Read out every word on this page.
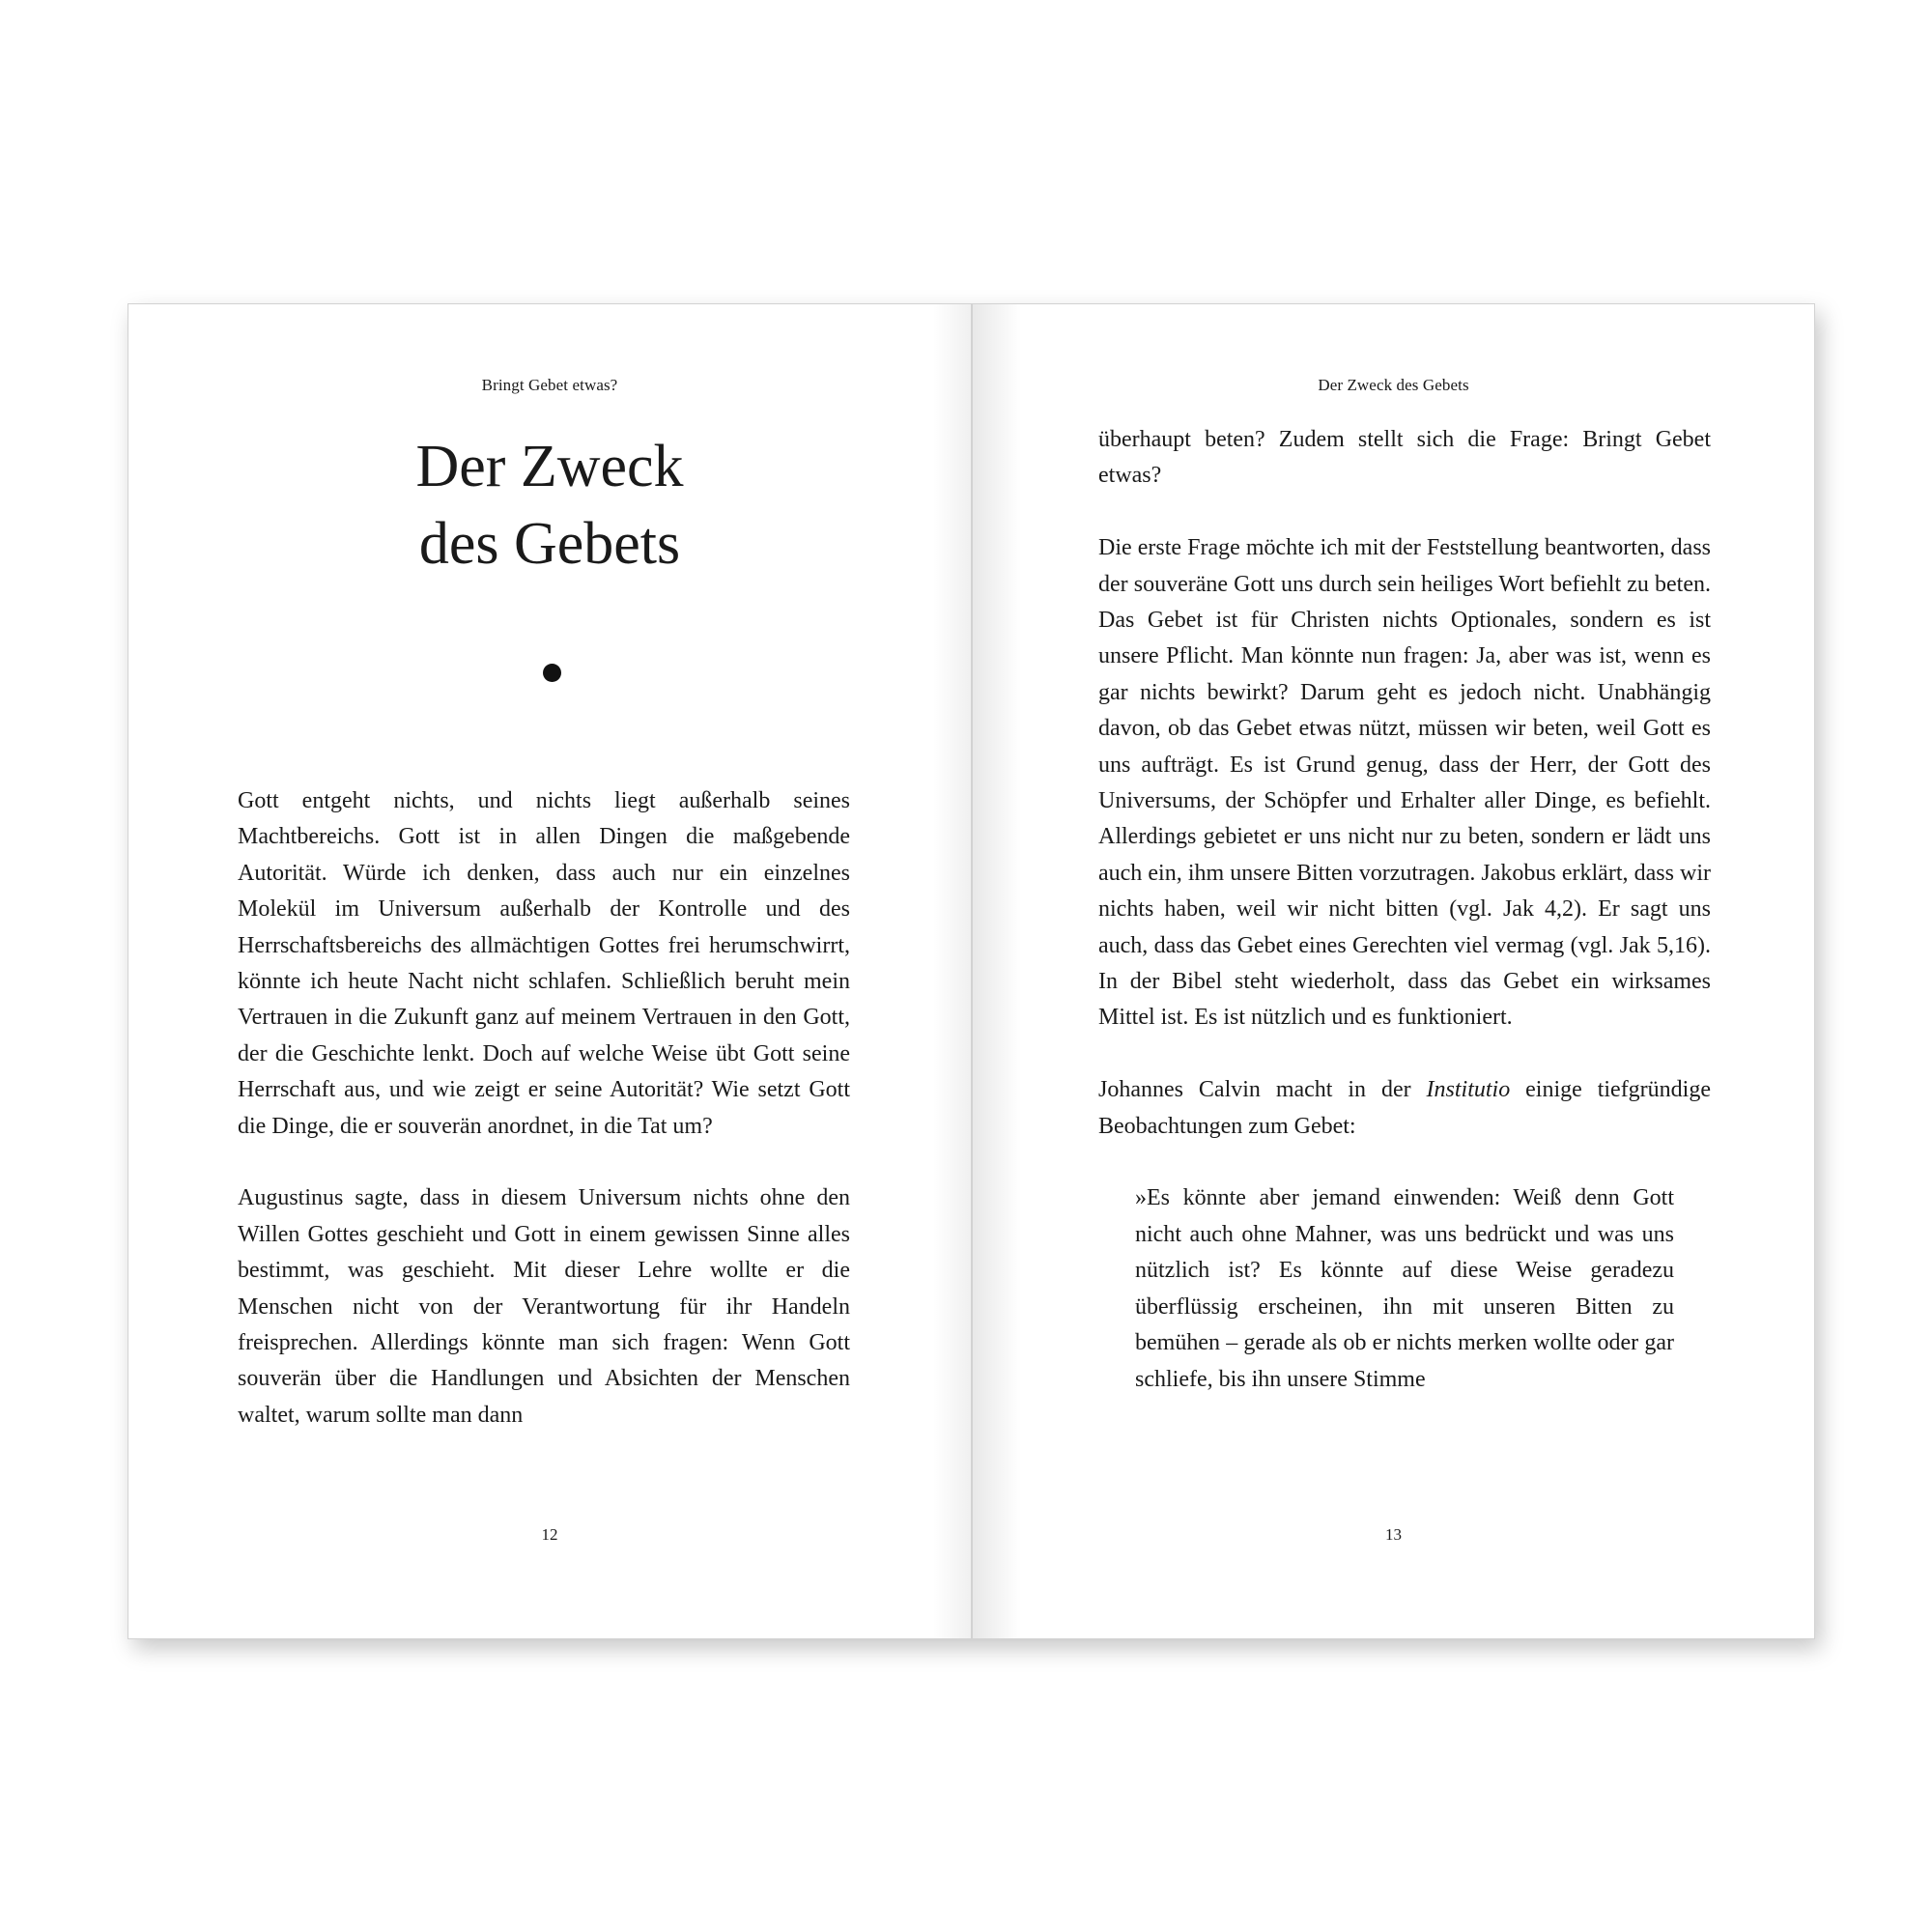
Bringt Gebet etwas?
Der Zweck
des Gebets

Gott entgeht nichts, und nichts liegt außerhalb seines Machtbereichs. Gott ist in allen Dingen die maßgebende Autorität. Würde ich denken, dass auch nur ein einzelnes Molekül im Universum außerhalb der Kontrolle und des Herrschaftsbereichs des allmächtigen Gottes frei herumschwirrt, könnte ich heute Nacht nicht schlafen. Schließlich beruht mein Vertrauen in die Zukunft ganz auf meinem Vertrauen in den Gott, der die Geschichte lenkt. Doch auf welche Weise übt Gott seine Herrschaft aus, und wie zeigt er seine Autorität? Wie setzt Gott die Dinge, die er souverän anordnet, in die Tat um?

Augustinus sagte, dass in diesem Universum nichts ohne den Willen Gottes geschieht und Gott in einem gewissen Sinne alles bestimmt, was geschieht. Mit dieser Lehre wollte er die Menschen nicht von der Verantwortung für ihr Handeln freisprechen. Allerdings könnte man sich fragen: Wenn Gott souverän über die Handlungen und Absichten der Menschen waltet, warum sollte man dann

12
Der Zweck des Gebets

überhaupt beten? Zudem stellt sich die Frage: Bringt Gebet etwas?

Die erste Frage möchte ich mit der Feststellung beantworten, dass der souveräne Gott uns durch sein heiliges Wort befiehlt zu beten. Das Gebet ist für Christen nichts Optionales, sondern es ist unsere Pflicht. Man könnte nun fragen: Ja, aber was ist, wenn es gar nichts bewirkt? Darum geht es jedoch nicht. Unabhängig davon, ob das Gebet etwas nützt, müssen wir beten, weil Gott es uns aufträgt. Es ist Grund genug, dass der Herr, der Gott des Universums, der Schöpfer und Erhalter aller Dinge, es befiehlt. Allerdings gebietet er uns nicht nur zu beten, sondern er lädt uns auch ein, ihm unsere Bitten vorzutragen. Jakobus erklärt, dass wir nichts haben, weil wir nicht bitten (vgl. Jak 4,2). Er sagt uns auch, dass das Gebet eines Gerechten viel vermag (vgl. Jak 5,16). In der Bibel steht wiederholt, dass das Gebet ein wirksames Mittel ist. Es ist nützlich und es funktioniert.

Johannes Calvin macht in der Institutio einige tiefgründige Beobachtungen zum Gebet:

»Es könnte aber jemand einwenden: Weiß denn Gott nicht auch ohne Mahner, was uns bedrückt und was uns nützlich ist? Es könnte auf diese Weise geradezu überflüssig erscheinen, ihn mit unseren Bitten zu bemühen – gerade als ob er nichts merken wollte oder gar schliefe, bis ihn unsere Stimme

13
